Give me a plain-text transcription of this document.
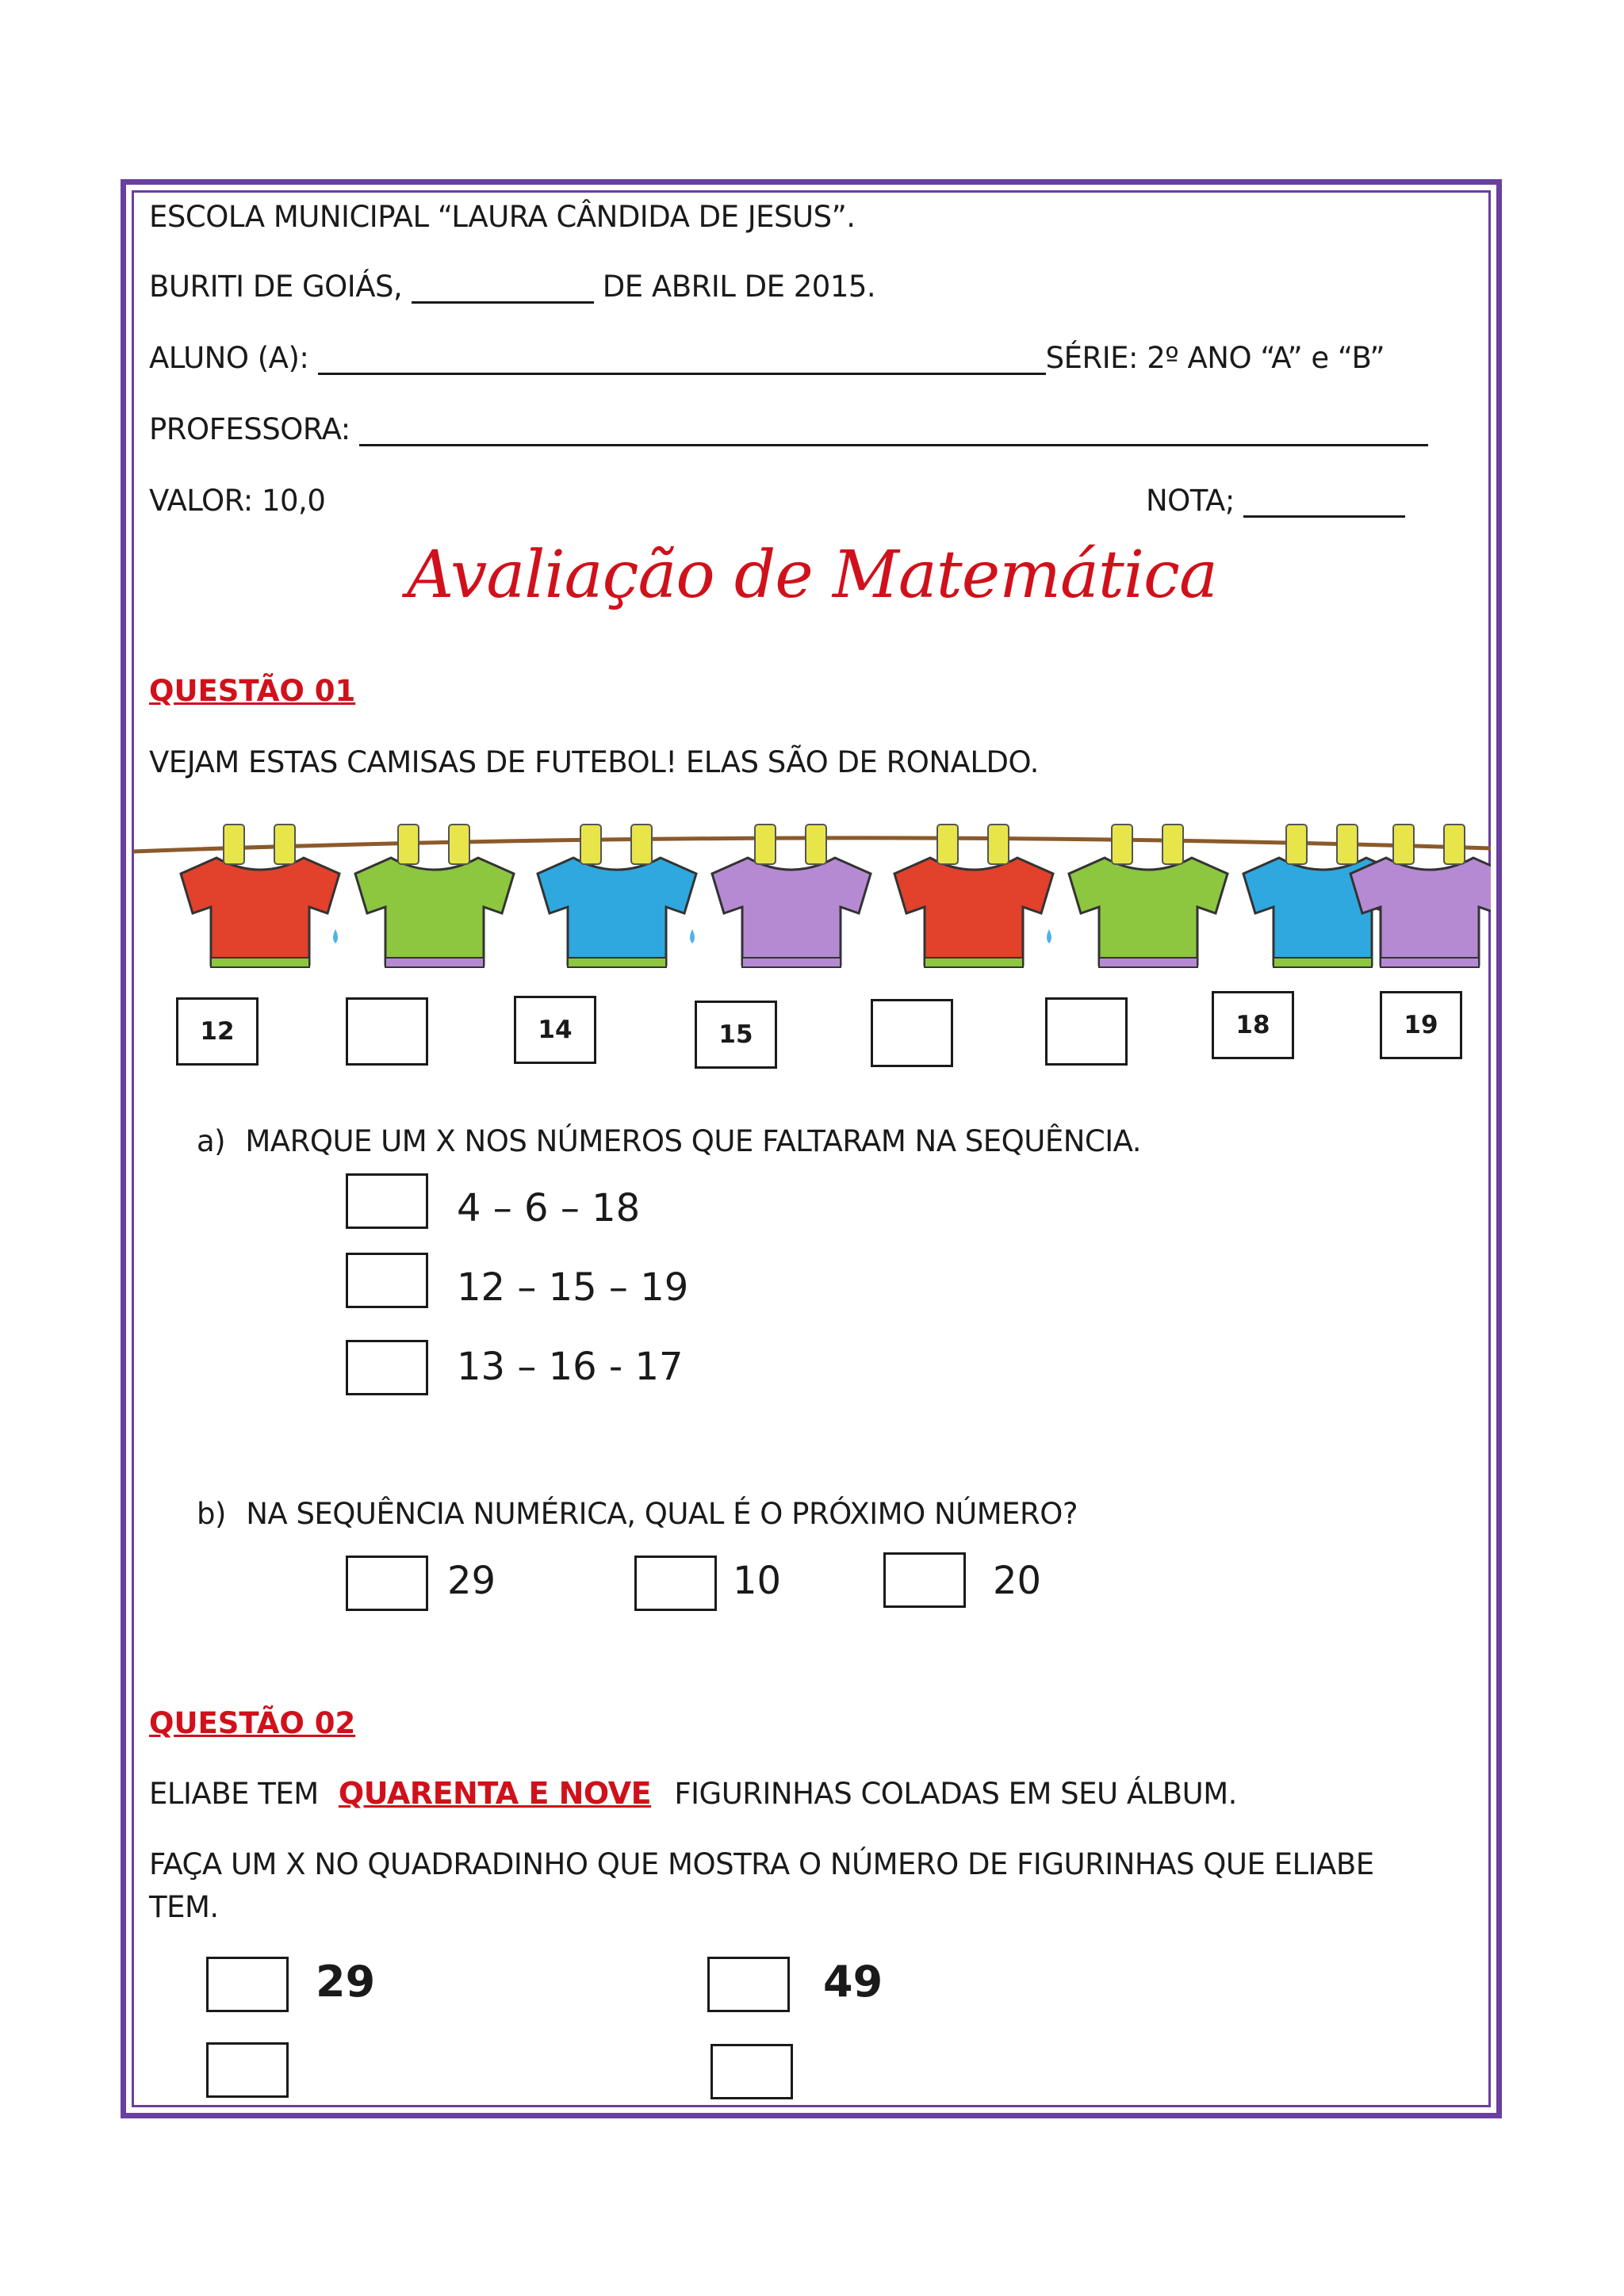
ESCOLA MUNICIPAL “LAURA CÂNDIDA DE JESUS”.
BURITI DE GOIÁS,	DE ABRIL DE 2015.
ALUNO (A):	SÉRIE: 2º ANO “A” e “B”
PROFESSORA:
VALOR: 10,0	NOTA;
Avaliação de Matemática
QUESTÃO 01
VEJAM ESTAS CAMISAS DE FUTEBOL! ELAS SÃO DE RONALDO.
12	14	15	18	19
a) MARQUE UM X NOS NÚMEROS QUE FALTARAM NA SEQUÊNCIA.
4 – 6 – 18
12 – 15 – 19
13 – 16 - 17
b) NA SEQUÊNCIA NUMÉRICA, QUAL É O PRÓXIMO NÚMERO?
29	10	20
QUESTÃO 02
ELIABE TEM QUARENTA E NOVE FIGURINHAS COLADAS EM SEU ÁLBUM.
FAÇA UM X NO QUADRADINHO QUE MOSTRA O NÚMERO DE FIGURINHAS QUE ELIABE
TEM.
29	49
